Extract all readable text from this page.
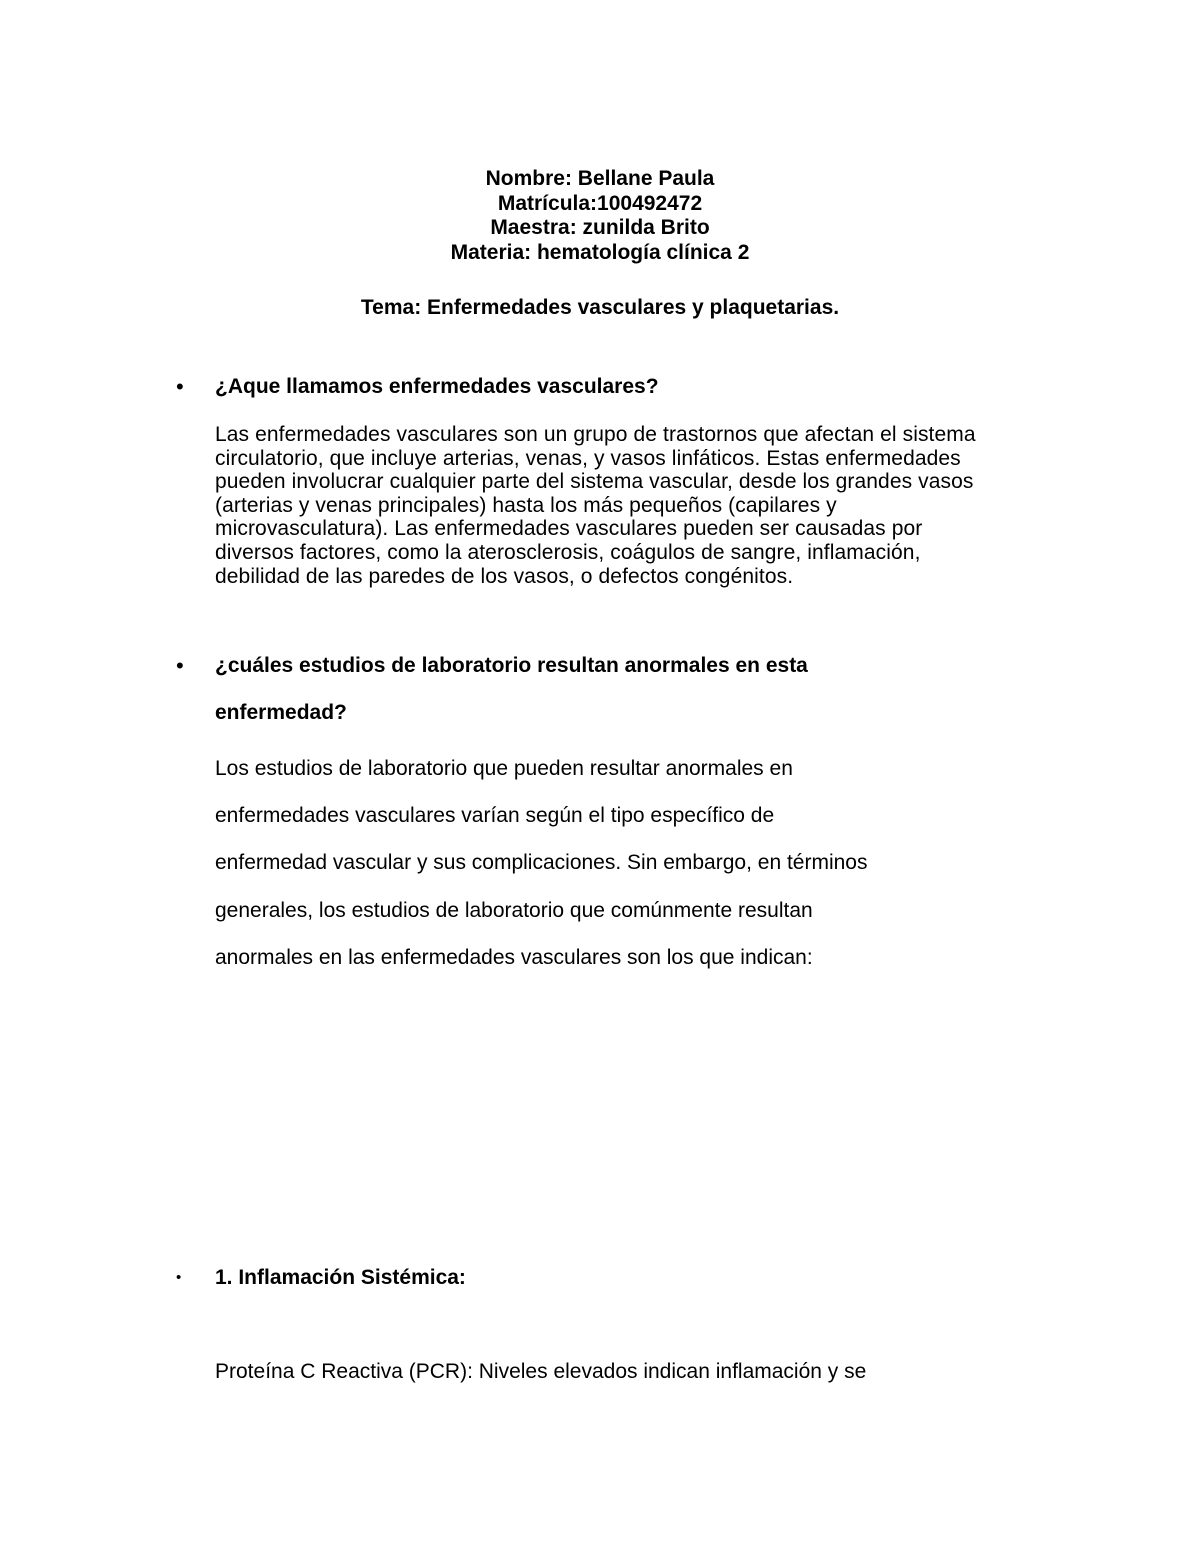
Nombre: Bellane Paula
Matrícula:100492472
Maestra: zunilda Brito
Materia: hematología clínica 2
Tema: Enfermedades vasculares y plaquetarias.
• ¿Aque llamamos enfermedades vasculares?
Las enfermedades vasculares son un grupo de trastornos que afectan el sistema
circulatorio, que incluye arterias, venas, y vasos linfáticos. Estas enfermedades
pueden involucrar cualquier parte del sistema vascular, desde los grandes vasos
(arterias y venas principales) hasta los más pequeños (capilares y
microvasculatura). Las enfermedades vasculares pueden ser causadas por
diversos factores, como la aterosclerosis, coágulos de sangre, inflamación,
debilidad de las paredes de los vasos, o defectos congénitos.
• ¿cuáles estudios de laboratorio resultan anormales en esta
enfermedad?
Los estudios de laboratorio que pueden resultar anormales en
enfermedades vasculares varían según el tipo específico de
enfermedad vascular y sus complicaciones. Sin embargo, en términos
generales, los estudios de laboratorio que comúnmente resultan
anormales en las enfermedades vasculares son los que indican:
• 1. Inflamación Sistémica:
Proteína C Reactiva (PCR): Niveles elevados indican inflamación y se
